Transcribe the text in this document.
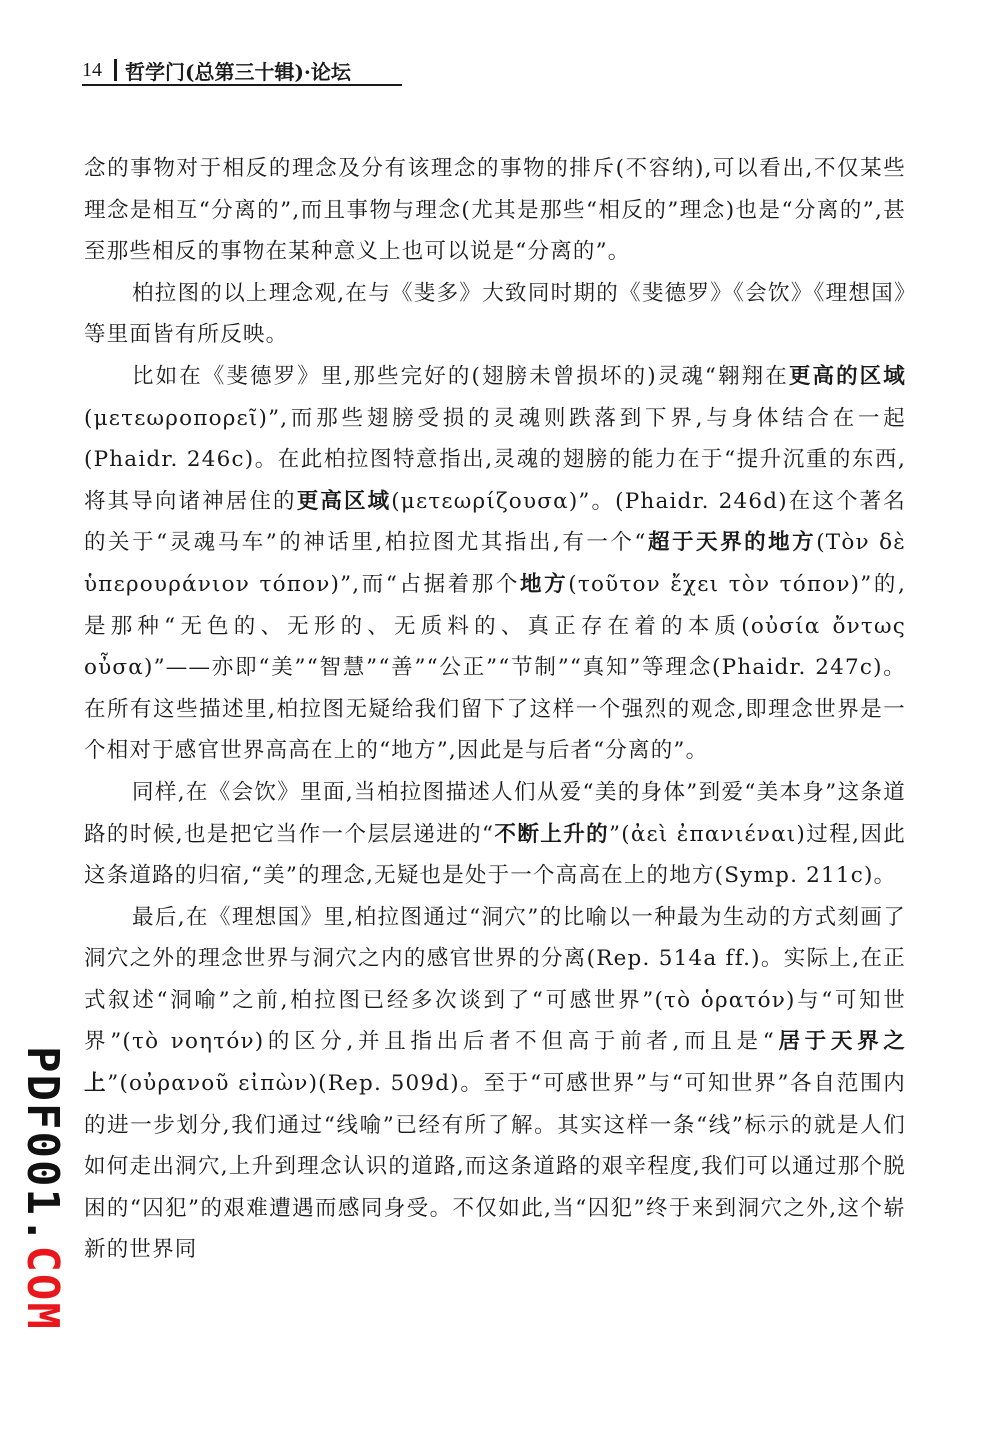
14 哲学门(总第三十辑)·论坛

念的事物对于相反的理念及分有该理念的事物的排斥(不容纳),可以看出,不仅某些理念是相互“分离的”,而且事物与理念(尤其是那些“相反的”理念)也是“分离的”,甚至那些相反的事物在某种意义上也可以说是“分离的”。

柏拉图的以上理念观,在与《斐多》大致同时期的《斐德罗》《会饮》《理想国》等里面皆有所反映。

比如在《斐德罗》里,那些完好的(翅膀未曾损坏的)灵魂“翱翔在更高的区域(μετεωροπορεῖ)”,而那些翅膀受损的灵魂则跌落到下界,与身体结合在一起(Phaidr. 246c)。在此柏拉图特意指出,灵魂的翅膀的能力在于“提升沉重的东西,将其导向诸神居住的更高区域(μετεωρίζουσα)”。(Phaidr. 246d)在这个著名的关于“灵魂马车”的神话里,柏拉图尤其指出,有一个“超于天界的地方(Τὸν δὲ ὑπερουράνιον τόπον)”,而“占据着那个地方(τοῦτον ἔχει τὸν τόπον)”的,是那种“无色的、无形的、无质料的、真正存在着的本质(οὐσία ὄντως οὖσα)”——亦即“美”“智慧”“善”“公正”“节制”“真知”等理念(Phaidr. 247c)。在所有这些描述里,柏拉图无疑给我们留下了这样一个强烈的观念,即理念世界是一个相对于感官世界高高在上的“地方”,因此是与后者“分离的”。

同样,在《会饮》里面,当柏拉图描述人们从爱“美的身体”到爱“美本身”这条道路的时候,也是把它当作一个层层递进的“不断上升的”(ἀεὶ ἐπανιέναι)过程,因此这条道路的归宿,“美”的理念,无疑也是处于一个高高在上的地方(Symp. 211c)。

最后,在《理想国》里,柏拉图通过“洞穴”的比喻以一种最为生动的方式刻画了洞穴之外的理念世界与洞穴之内的感官世界的分离(Rep. 514a ff.)。实际上,在正式叙述“洞喻”之前,柏拉图已经多次谈到了“可感世界”(τὸ ὁρατόν)与“可知世界”(τὸ νοητόν)的区分,并且指出后者不但高于前者,而且是“居于天界之上”(οὐρανοῦ εἰπὼν)(Rep. 509d)。至于“可感世界”与“可知世界”各自范围内的进一步划分,我们通过“线喻”已经有所了解。其实这样一条“线”标示的就是人们如何走出洞穴,上升到理念认识的道路,而这条道路的艰辛程度,我们可以通过那个脱困的“囚犯”的艰难遭遇而感同身受。不仅如此,当“囚犯”终于来到洞穴之外,这个崭新的世界同

PDF001.COM
